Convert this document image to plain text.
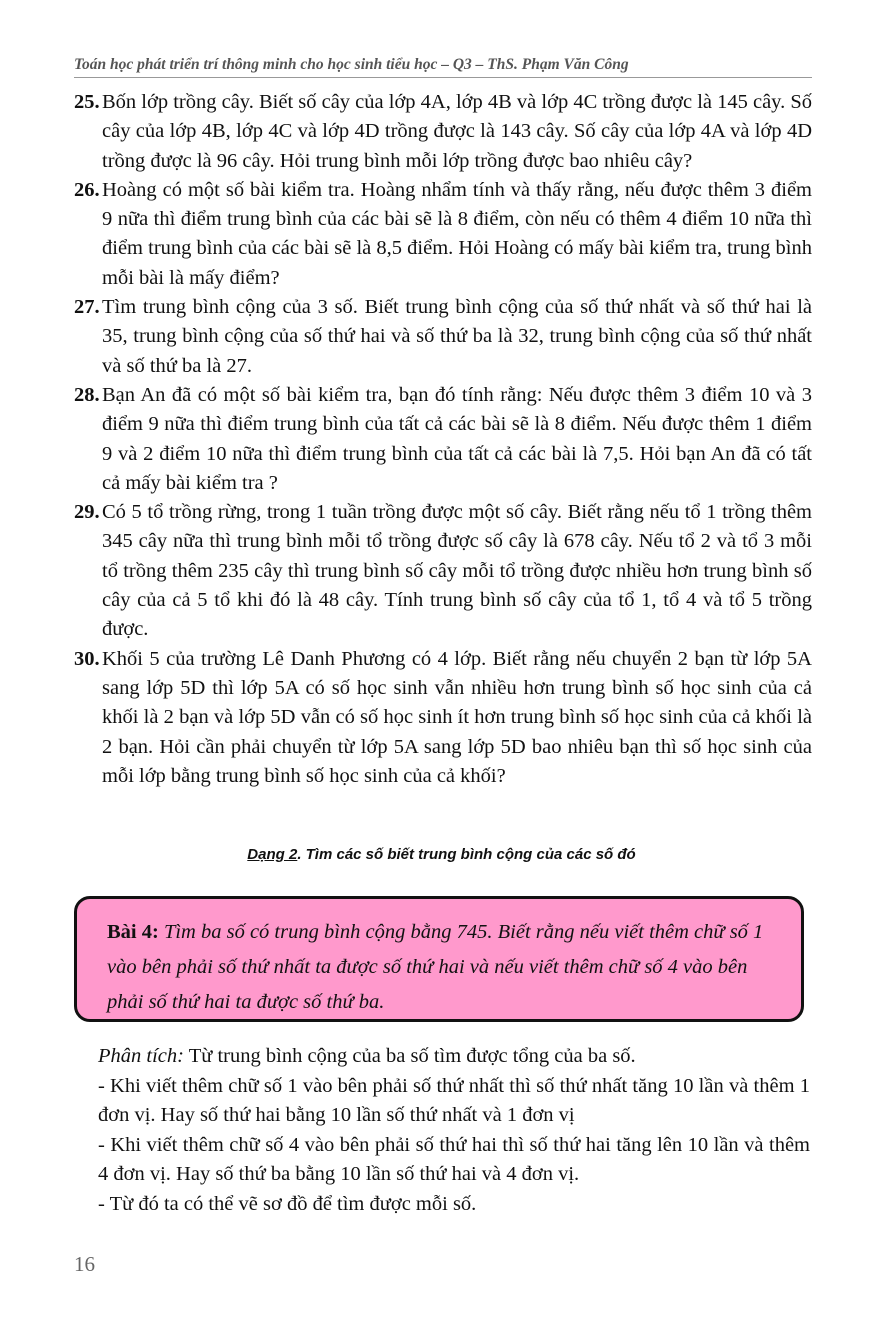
Toán học phát triển trí thông minh cho học sinh tiểu học – Q3 – ThS. Phạm Văn Công
25. Bốn lớp trồng cây. Biết số cây của lớp 4A, lớp 4B và lớp 4C trồng được là 145 cây. Số cây của lớp 4B, lớp 4C và lớp 4D trồng được là 143 cây. Số cây của lớp 4A và lớp 4D trồng được là 96 cây. Hỏi trung bình mỗi lớp trồng được bao nhiêu cây?
26. Hoàng có một số bài kiểm tra. Hoàng nhẩm tính và thấy rằng, nếu được thêm 3 điểm 9 nữa thì điểm trung bình của các bài sẽ là 8 điểm, còn nếu có thêm 4 điểm 10 nữa thì điểm trung bình của các bài sẽ là 8,5 điểm. Hỏi Hoàng có mấy bài kiểm tra, trung bình mỗi bài là mấy điểm?
27. Tìm trung bình cộng của 3 số. Biết trung bình cộng của số thứ nhất và số thứ hai là 35, trung bình cộng của số thứ hai và số thứ ba là 32, trung bình cộng của số thứ nhất và số thứ ba là 27.
28. Bạn An đã có một số bài kiểm tra, bạn đó tính rằng: Nếu được thêm 3 điểm 10 và 3 điểm 9 nữa thì điểm trung bình của tất cả các bài sẽ là 8 điểm. Nếu được thêm 1 điểm 9 và 2 điểm 10 nữa thì điểm trung bình của tất cả các bài là 7,5. Hỏi bạn An đã có tất cả mấy bài kiểm tra ?
29. Có 5 tổ trồng rừng, trong 1 tuần trồng được một số cây. Biết rằng nếu tổ 1 trồng thêm 345 cây nữa thì trung bình mỗi tổ trồng được số cây là 678 cây. Nếu tổ 2 và tổ 3 mỗi tổ trồng thêm 235 cây thì trung bình số cây mỗi tổ trồng được nhiều hơn trung bình số cây của cả 5 tổ khi đó là 48 cây. Tính trung bình số cây của tổ 1, tổ 4 và tổ 5 trồng được.
30. Khối 5 của trường Lê Danh Phương có 4 lớp. Biết rằng nếu chuyển 2 bạn từ lớp 5A sang lớp 5D thì lớp 5A có số học sinh vẫn nhiều hơn trung bình số học sinh của cả khối là 2 bạn và lớp 5D vẫn có số học sinh ít hơn trung bình số học sinh của cả khối là 2 bạn. Hỏi cần phải chuyển từ lớp 5A sang lớp 5D bao nhiêu bạn thì số học sinh của mỗi lớp bằng trung bình số học sinh của cả khối?
Dạng 2. Tìm các số biết trung bình cộng của các số đó
Bài 4: Tìm ba số có trung bình cộng bằng 745. Biết rằng nếu viết thêm chữ số 1 vào bên phải số thứ nhất ta được số thứ hai và nếu viết thêm chữ số 4 vào bên phải số thứ hai ta được số thứ ba.

Phân tích: Từ trung bình cộng của ba số tìm được tổng của ba số.

- Khi viết thêm chữ số 1 vào bên phải số thứ nhất thì số thứ nhất tăng 10 lần và thêm 1 đơn vị. Hay số thứ hai bằng 10 lần số thứ nhất và 1 đơn vị

- Khi viết thêm chữ số 4 vào bên phải số thứ hai thì số thứ hai tăng lên 10 lần và thêm 4 đơn vị. Hay số thứ ba bằng 10 lần số thứ hai và 4 đơn vị.

- Từ đó ta có thể vẽ sơ đồ để tìm được mỗi số.

16
